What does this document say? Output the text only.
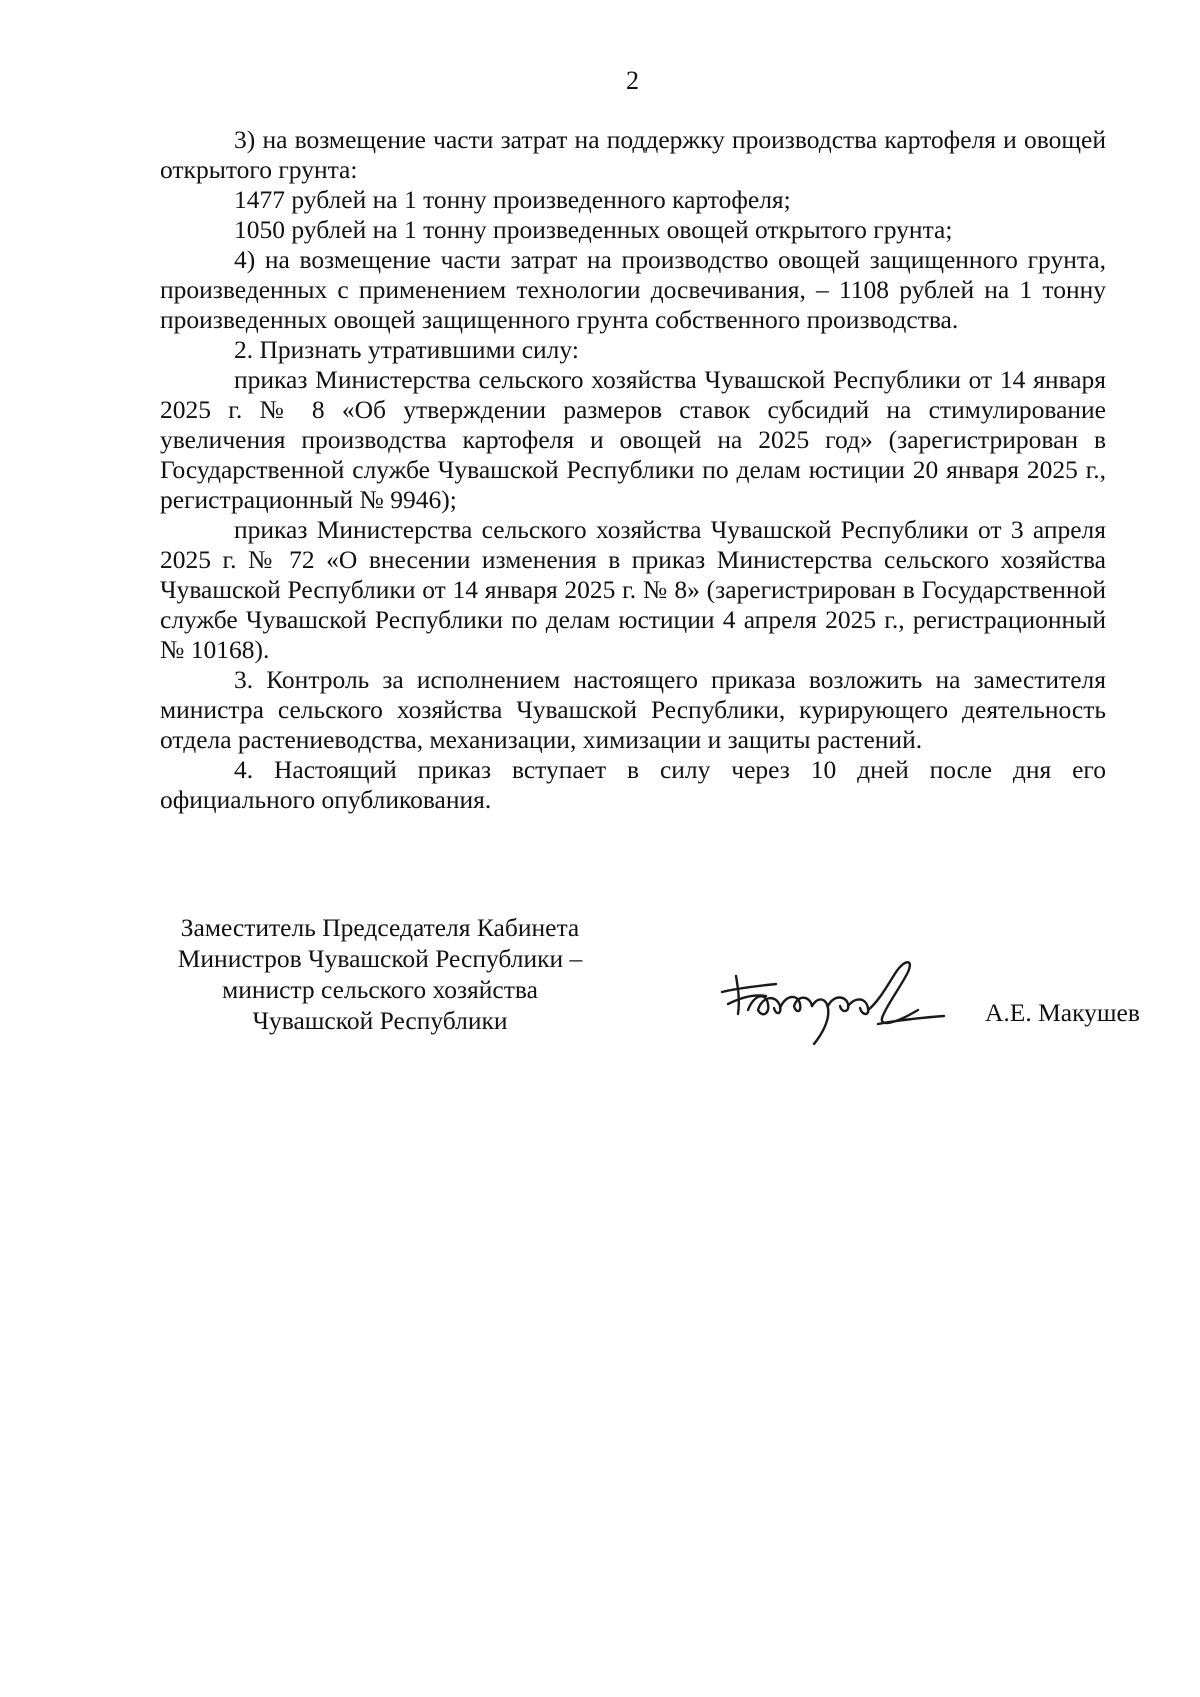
2

3) на возмещение части затрат на поддержку производства картофеля и овощей открытого грунта:

1477 рублей на 1 тонну произведенного картофеля;

1050 рублей на 1 тонну произведенных овощей открытого грунта;

4) на возмещение части затрат на производство овощей защищенного грунта, произведенных с применением технологии досвечивания, – 1108 рублей на 1 тонну произведенных овощей защищенного грунта собственного производства.

2. Признать утратившими силу:

приказ Министерства сельского хозяйства Чувашской Республики от 14 января 2025 г. № 8 «Об утверждении размеров ставок субсидий на стимулирование увеличения производства картофеля и овощей на 2025 год» (зарегистрирован в Государственной службе Чувашской Республики по делам юстиции 20 января 2025 г., регистрационный № 9946);

приказ Министерства сельского хозяйства Чувашской Республики от 3 апреля 2025 г. № 72 «О внесении изменения в приказ Министерства сельского хозяйства Чувашской Республики от 14 января 2025 г. № 8» (зарегистрирован в Государственной службе Чувашской Республики по делам юстиции 4 апреля 2025 г., регистрационный № 10168).

3. Контроль за исполнением настоящего приказа возложить на заместителя министра сельского хозяйства Чувашской Республики, курирующего деятельность отдела растениеводства, механизации, химизации и защиты растений.

4. Настоящий приказ вступает в силу через 10 дней после дня его официального опубликования.

Заместитель Председателя Кабинета
Министров Чувашской Республики –
министр сельского хозяйства
Чувашской Республики	А.Е. Макушев
